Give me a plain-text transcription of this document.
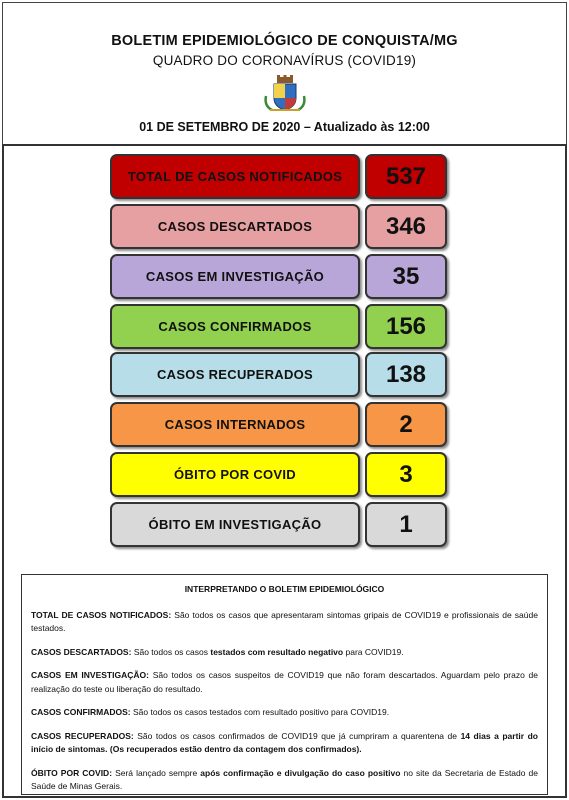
BOLETIM EPIDEMIOLÓGICO DE CONQUISTA/MG
QUADRO DO CORONAVÍRUS (COVID19)
01 DE SETEMBRO DE 2020 – Atualizado às 12:00
TOTAL DE CASOS NOTIFICADOS 537
CASOS DESCARTADOS	346
CASOS EM INVESTIGAÇÃO	35
CASOS CONFIRMADOS	156
CASOS RECUPERADOS	138
CASOS INTERNADOS	2
ÓBITO POR COVID	3
ÓBITO EM INVESTIGAÇÃO	1
INTERPRETANDO O BOLETIM EPIDEMIOLÓGICO

TOTAL DE CASOS NOTIFICADOS: São todos os casos que apresentaram sintomas gripais de COVID19 e profissionais de saúde testados.

CASOS DESCARTADOS: São todos os casos testados com resultado negativo para COVID19.

CASOS EM INVESTIGAÇÃO: São todos os casos suspeitos de COVID19 que não foram descartados. Aguardam pelo prazo de realização do teste ou liberação do resultado.

CASOS CONFIRMADOS: São todos os casos testados com resultado positivo para COVID19.

CASOS RECUPERADOS: São todos os casos confirmados de COVID19 que já cumpriram a quarentena de 14 dias a partir do início de sintomas. (Os recuperados estão dentro da contagem dos confirmados).

ÓBITO POR COVID: Será lançado sempre após confirmação e divulgação do caso positivo no site da Secretaria de Estado de Saúde de Minas Gerais.
